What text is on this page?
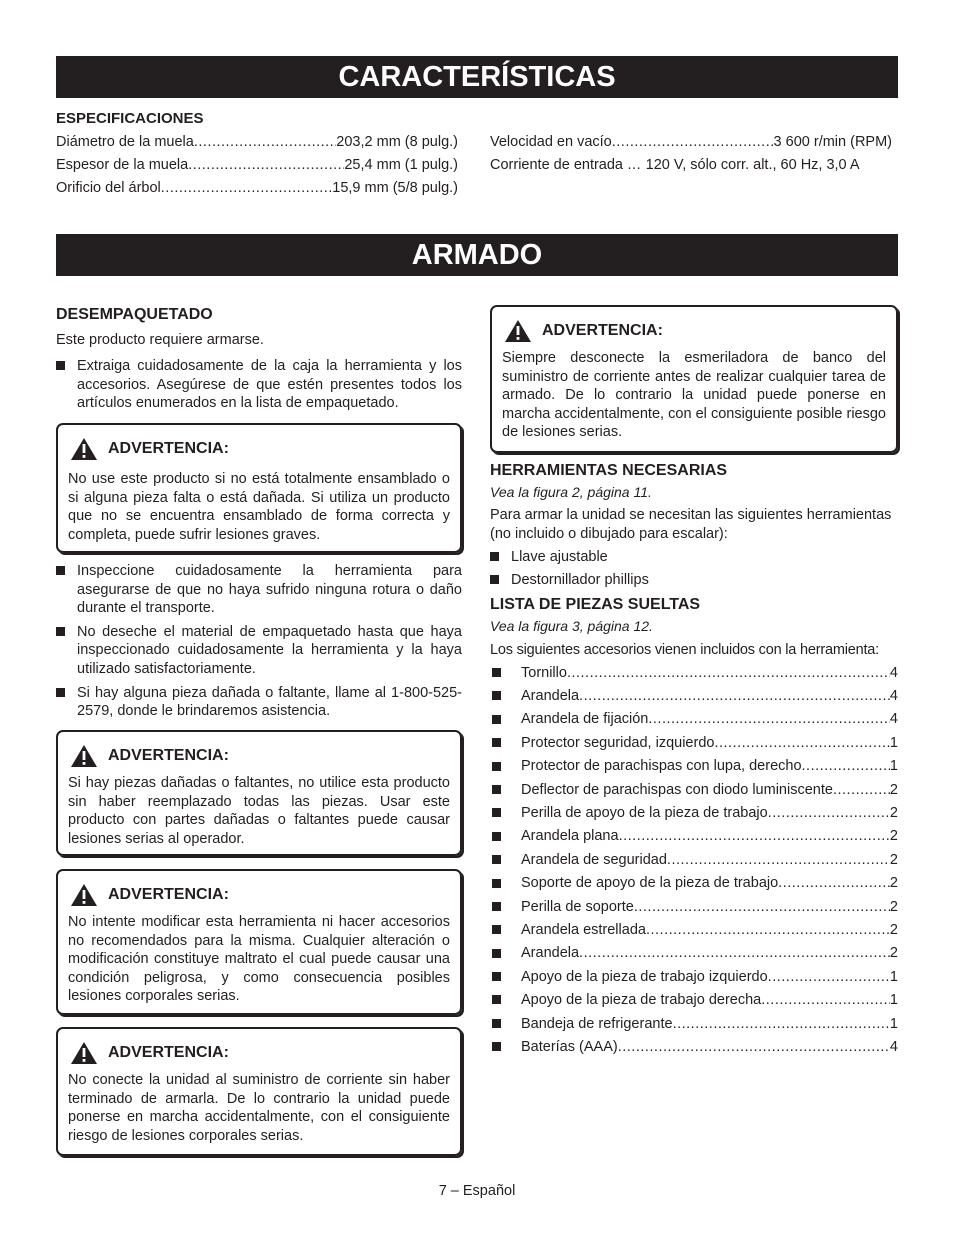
CARACTERÍSTICAS
ESPECIFICACIONES
Diámetro de la muela .....	203,2 mm (8 pulg.)
Espesor de la muela .....	25,4 mm (1 pulg.)
Orificio del árbol .....	15,9 mm (5/8 pulg.)
Velocidad en vacío .....	3 600 r/min (RPM)
Corriente de entrada ... 120 V, sólo corr. alt., 60 Hz, 3,0 A
ARMADO
DESEMPAQUETADO
Este producto requiere armarse.
Extraiga cuidadosamente de la caja la herramienta y los accesorios. Asegúrese de que estén presentes todos los artículos enumerados en la lista de empaquetado.
ADVERTENCIA:
No use este producto si no está totalmente ensamblado o si alguna pieza falta o está dañada. Si utiliza un producto que no se encuentra ensamblado de forma correcta y completa, puede sufrir lesiones graves.
Inspeccione cuidadosamente la herramienta para asegurarse de que no haya sufrido ninguna rotura o daño durante el transporte.
No deseche el material de empaquetado hasta que haya inspeccionado cuidadosamente la herramienta y la haya utilizado satisfactoriamente.
Si hay alguna pieza dañada o faltante, llame al 1-800-525-2579, donde le brindaremos asistencia.
ADVERTENCIA:
Si hay piezas dañadas o faltantes, no utilice esta producto sin haber reemplazado todas las piezas. Usar este producto con partes dañadas o faltantes puede causar lesiones serias al operador.
ADVERTENCIA:
No intente modificar esta herramienta ni hacer accesorios no recomendados para la misma. Cualquier alteración o modificación constituye maltrato el cual puede causar una condición peligrosa, y como consecuencia posibles lesiones corporales serias.
ADVERTENCIA:
No conecte la unidad al suministro de corriente sin haber terminado de armarla. De lo contrario la unidad puede ponerse en marcha accidentalmente, con el consiguiente riesgo de lesiones corporales serias.
ADVERTENCIA:
Siempre desconecte la esmeriladora de banco del suministro de corriente antes de realizar cualquier tarea de armado. De lo contrario la unidad puede ponerse en marcha accidentalmente, con el consiguiente posible riesgo de lesiones serias.
HERRAMIENTAS NECESARIAS
Vea la figura 2, página 11.
Para armar la unidad se necesitan las siguientes herramientas (no incluido o dibujado para escalar):
Llave ajustable
Destornillador phillips
LISTA DE PIEZAS SUELTAS
Vea la figura 3, página 12.
Los siguientes accesorios vienen incluidos con la herramienta:
Tornillo .....	4
Arandela .....	4
Arandela de fijación .....	4
Protector seguridad, izquierdo .....	1
Protector de parachispas con lupa, derecho .....	1
Deflector de parachispas con diodo luminiscente .....	2
Perilla de apoyo de la pieza de trabajo .....	2
Arandela plana .....	2
Arandela de seguridad .....	2
Soporte de apoyo de la pieza de trabajo .....	2
Perilla de soporte .....	2
Arandela estrellada .....	2
Arandela .....	2
Apoyo de la pieza de trabajo izquierdo .....	1
Apoyo de la pieza de trabajo derecha .....	1
Bandeja de refrigerante .....	1
Baterías (AAA) .....	4
7 – Español
